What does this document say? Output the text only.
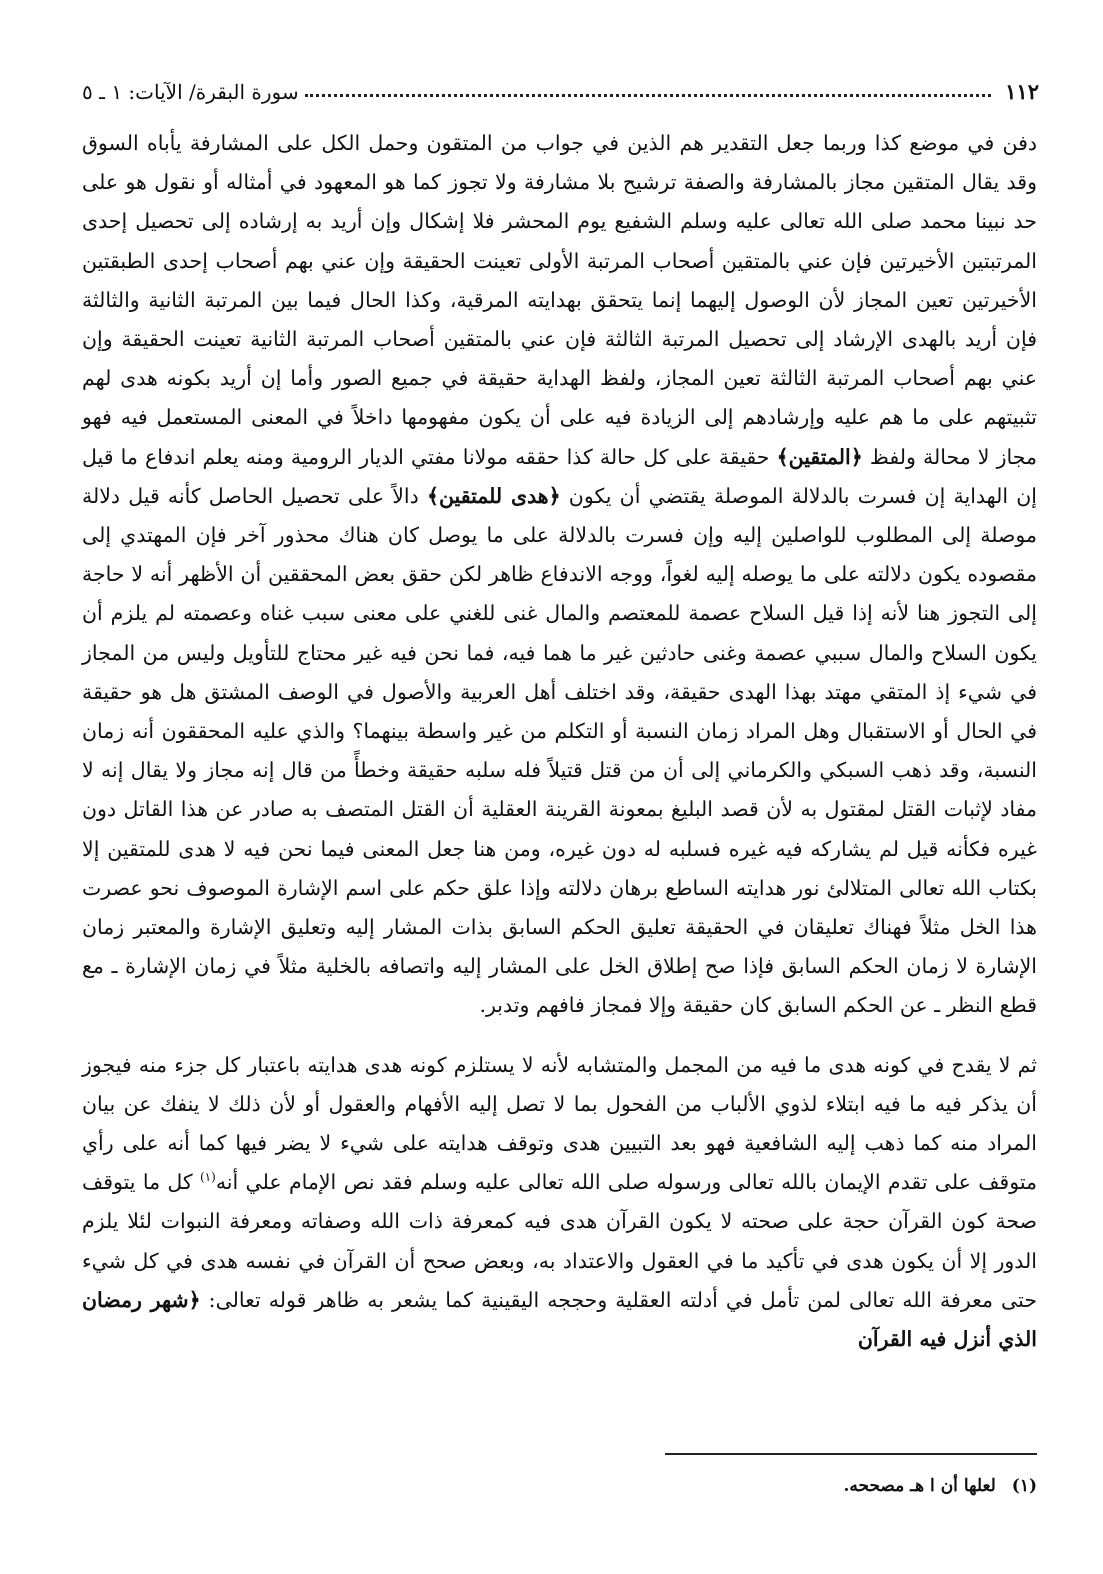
١١٢
سورة البقرة/ الآيات: ١ ـ ٥

دفن في موضع كذا وربما جعل التقدير هم الذين في جواب من المتقون وحمل الكل على المشارفة يأباه السوق وقد يقال المتقين مجاز بالمشارفة والصفة ترشيح بلا مشارفة ولا تجوز كما هو المعهود في أمثاله أو نقول هو على حد نبينا محمد صلى الله تعالى عليه وسلم الشفيع يوم المحشر فلا إشكال وإن أريد به إرشاده إلى تحصيل إحدى المرتبتين الأخيرتين فإن عني بالمتقين أصحاب المرتبة الأولى تعينت الحقيقة وإن عني بهم أصحاب إحدى الطبقتين الأخيرتين تعين المجاز لأن الوصول إليهما إنما يتحقق بهدايته المرقية، وكذا الحال فيما بين المرتبة الثانية والثالثة فإن أريد بالهدى الإرشاد إلى تحصيل المرتبة الثالثة فإن عني بالمتقين أصحاب المرتبة الثانية تعينت الحقيقة وإن عني بهم أصحاب المرتبة الثالثة تعين المجاز، ولفظ الهداية حقيقة في جميع الصور وأما إن أريد بكونه هدى لهم تثبيتهم على ما هم عليه وإرشادهم إلى الزيادة فيه على أن يكون مفهومها داخلاً في المعنى المستعمل فيه فهو مجاز لا محالة ولفظ ﴿المتقين﴾ حقيقة على كل حالة كذا حققه مولانا مفتي الديار الرومية ومنه يعلم اندفاع ما قيل إن الهداية إن فسرت بالدلالة الموصلة يقتضي أن يكون ﴿هدى للمتقين﴾ دالاً على تحصيل الحاصل كأنه قيل دلالة موصلة إلى المطلوب للواصلين إليه وإن فسرت بالدلالة على ما يوصل كان هناك محذور آخر فإن المهتدي إلى مقصوده يكون دلالته على ما يوصله إليه لغواً، ووجه الاندفاع ظاهر لكن حقق بعض المحققين أن الأظهر أنه لا حاجة إلى التجوز هنا لأنه إذا قيل السلاح عصمة للمعتصم والمال غنى للغني على معنى سبب غناه وعصمته لم يلزم أن يكون السلاح والمال سببي عصمة وغنى حادثين غير ما هما فيه، فما نحن فيه غير محتاج للتأويل وليس من المجاز في شيء إذ المتقي مهتد بهذا الهدى حقيقة، وقد اختلف أهل العربية والأصول في الوصف المشتق هل هو حقيقة في الحال أو الاستقبال وهل المراد زمان النسبة أو التكلم من غير واسطة بينهما؟ والذي عليه المحققون أنه زمان النسبة، وقد ذهب السبكي والكرماني إلى أن من قتل قتيلاً فله سلبه حقيقة وخطأً من قال إنه مجاز ولا يقال إنه لا مفاد لإثبات القتل لمقتول به لأن قصد البليغ بمعونة القرينة العقلية أن القتل المتصف به صادر عن هذا القاتل دون غيره فكأنه قيل لم يشاركه فيه غيره فسلبه له دون غيره، ومن هنا جعل المعنى فيما نحن فيه لا هدى للمتقين إلا بكتاب الله تعالى المتلالئ نور هدايته الساطع برهان دلالته وإذا علق حكم على اسم الإشارة الموصوف نحو عصرت هذا الخل مثلاً فهناك تعليقان في الحقيقة تعليق الحكم السابق بذات المشار إليه وتعليق الإشارة والمعتبر زمان الإشارة لا زمان الحكم السابق فإذا صح إطلاق الخل على المشار إليه واتصافه بالخلية مثلاً في زمان الإشارة ـ مع قطع النظر ـ عن الحكم السابق كان حقيقة وإلا فمجاز فافهم وتدبر.

ثم لا يقدح في كونه هدى ما فيه من المجمل والمتشابه لأنه لا يستلزم كونه هدى هدايته باعتبار كل جزء منه فيجوز أن يذكر فيه ما فيه ابتلاء لذوي الألباب من الفحول بما لا تصل إليه الأفهام والعقول أو لأن ذلك لا ينفك عن بيان المراد منه كما ذهب إليه الشافعية فهو بعد التبيين هدى وتوقف هدايته على شيء لا يضر فيها كما أنه على رأي متوقف على تقدم الإيمان بالله تعالى ورسوله صلى الله تعالى عليه وسلم فقد نص الإمام علي أنه$^{(١)}$ كل ما يتوقف صحة كون القرآن حجة على صحته لا يكون القرآن هدى فيه كمعرفة ذات الله وصفاته ومعرفة النبوات لئلا يلزم الدور إلا أن يكون هدى في تأكيد ما في العقول والاعتداد به، وبعض صحح أن القرآن في نفسه هدى في كل شيء حتى معرفة الله تعالى لمن تأمل في أدلته العقلية وحججه اليقينية كما يشعر به ظاهر قوله تعالى: ﴿شهر رمضان الذي أنزل فيه القرآن

(١) لعلها أن ا هـ مصححه.
